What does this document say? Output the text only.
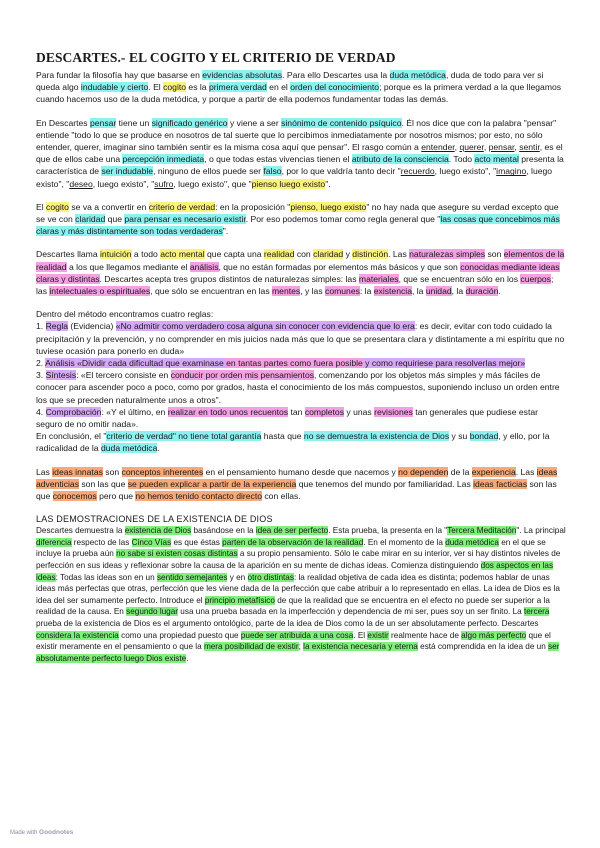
DESCARTES.- EL COGITO Y EL CRITERIO DE VERDAD

Para fundar la filosofía hay que basarse en evidencias absolutas. Para ello Descartes usa la duda metódica, duda de todo para ver si queda algo indudable y cierto. El cogito es la primera verdad en el orden del conocimiento; porque es la primera verdad a la que llegamos cuando hacemos uso de la duda metódica, y porque a partir de ella podemos fundamentar todas las demás.

En Descartes pensar tiene un significado genérico y viene a ser sinónimo de contenido psíquico. Él nos dice que con la palabra "pensar" entiende "todo lo que se produce en nosotros de tal suerte que lo percibimos inmediatamente por nosotros mismos; por esto, no sólo entender, querer, imaginar sino también sentir es la misma cosa aquí que pensar". El rasgo común a entender, querer, pensar, sentir, es el que de ellos cabe una percepción inmediata, o que todas estas vivencias tienen el atributo de la consciencia. Todo acto mental presenta la característica de ser indudable, ninguno de ellos puede ser falso, por lo que valdría tanto decir "recuerdo, luego existo", "imagino, luego existo", "deseo, luego existo", "sufro, luego existo", que "pienso luego existo".

El cogito se va a convertir en criterio de verdad: en la proposición "pienso, luego existo" no hay nada que asegure su verdad excepto que se ve con claridad que para pensar es necesario existir. Por eso podemos tomar como regla general que "las cosas que concebimos más claras y más distintamente son todas verdaderas".

Descartes llama intuición a todo acto mental que capta una realidad con claridad y distinción. Las naturalezas simples son elementos de la realidad a los que llegamos mediante el análisis, que no están formadas por elementos más básicos y que son conocidas mediante ideas claras y distintas. Descartes acepta tres grupos distintos de naturalezas simples: las materiales, que se encuentran sólo en los cuerpos; las intelectuales o espirituales, que sólo se encuentran en las mentes, y las comunes: la existencia, la unidad, la duración.

Dentro del método encontramos cuatro reglas:

1. Regla (Evidencia) «No admitir como verdadero cosa alguna sin conocer con evidencia que lo era: es decir, evitar con todo cuidado la precipitación y la prevención, y no comprender en mis juicios nada más que lo que se presentara clara y distintamente a mi espíritu que no tuviese ocasión para ponerlo en duda»

2. Análisis «Dividir cada dificultad que examinase en tantas partes como fuera posible y como requiriese para resolverlas mejor»

3. Síntesis: «El tercero consiste en conducir por orden mis pensamientos, comenzando por los objetos más simples y más fáciles de conocer para ascender poco a poco, como por grados, hasta el conocimiento de los más compuestos, suponiendo incluso un orden entre los que se preceden naturalmente unos a otros".

4. Comprobación: «Y el último, en realizar en todo unos recuentos tan completos y unas revisiones tan generales que pudiese estar seguro de no omitir nada».

En conclusión, el "criterio de verdad" no tiene total garantía hasta que no se demuestra la existencia de Dios y su bondad, y ello, por la radicalidad de la duda metódica.

Las ideas innatas son conceptos inherentes en el pensamiento humano desde que nacemos y no dependen de la experiencia. Las ideas adventicias son las que se pueden explicar a partir de la experiencia que tenemos del mundo por familiaridad. Las ideas facticias son las que conocemos pero que no hemos tenido contacto directo con ellas.

LAS DEMOSTRACIONES DE LA EXISTENCIA DE DIOS

Descartes demuestra la existencia de Dios basándose en la idea de ser perfecto. Esta prueba, la presenta en la "Tercera Meditación". La principal diferencia respecto de las Cinco Vías es que éstas parten de la observación de la realidad. En el momento de la duda metódica en el que se incluye la prueba aún no sabe si existen cosas distintas a su propio pensamiento. Sólo le cabe mirar en su interior, ver si hay distintos niveles de perfección en sus ideas y reflexionar sobre la causa de la aparición en su mente de dichas ideas. Comienza distinguiendo dos aspectos en las ideas: Todas las ideas son en un sentido semejantes y en otro distintas: la realidad objetiva de cada idea es distinta; podemos hablar de unas ideas más perfectas que otras, perfección que les viene dada de la perfección que cabe atribuir a lo representado en ellas. La idea de Dios es la idea del ser sumamente perfecto. Introduce el principio metafísico de que la realidad que se encuentra en el efecto no puede ser superior a la realidad de la causa. En segundo lugar usa una prueba basada en la imperfección y dependencia de mi ser, pues soy un ser finito. La tercera prueba de la existencia de Dios es el argumento ontológico, parte de la idea de Dios como la de un ser absolutamente perfecto. Descartes considera la existencia como una propiedad puesto que puede ser atribuida a una cosa. El existir realmente hace de algo más perfecto que el existir meramente en el pensamiento o que la mera posibilidad de existir; la existencia necesaria y eterna está comprendida en la idea de un ser absolutamente perfecto luego Dios existe.

Made with Goodnotes
